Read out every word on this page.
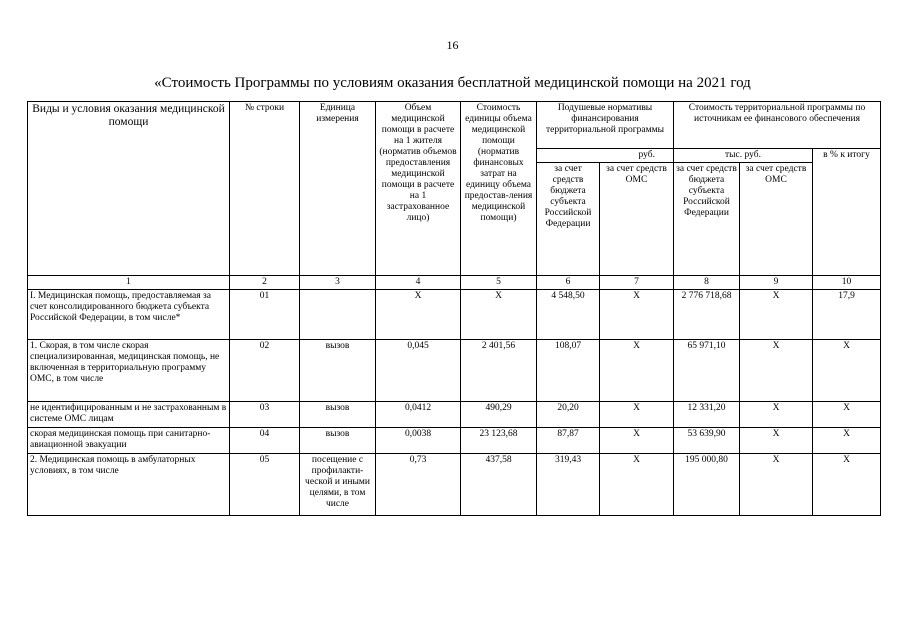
16
«Стоимость Программы по условиям оказания бесплатной медицинской помощи на 2021 год
Виды и условия оказания медицинской помощи	№ строки	Единица измерения	Объем медицинской помощи в расчете на 1 жителя (норматив объемов предоставления медицинской помощи в расчете на 1 застрахованное лицо)	Стоимость единицы объема медицинской помощи (норматив финансовых затрат на единицу объема предостав-ления медицинской помощи)	Подушевые нормативы финансирования территориальной программы		Стоимость территориальной программы по источникам ее финансового обеспечения		
					руб.		тыс. руб.		в % к итогу
					за счет средств бюджета субъекта Российской Федерации	за счет средств ОМС	за счет средств бюджета субъекта Российской Федерации	за счет средств ОМС	
1	2	3	4	5	6	7	8	9	10
I. Медицинская помощь, предоставляемая за счет консолидированного бюджета субъекта Российской Федерации, в том числе*	01		Х	Х	4 548,50	Х	2 776 718,68	Х	17,9
1. Скорая, в том числе скорая специализированная, медицинская помощь, не включенная в территориальную программу ОМС, в том числе	02	вызов	0,045	2 401,56	108,07	Х	65 971,10	Х	Х
не идентифицированным и не застрахованным в системе ОМС лицам	03	вызов	0,0412	490,29	20,20	Х	12 331,20	Х	Х
скорая медицинская помощь при санитарно-авиационной эвакуации	04	вызов	0,0038	23 123,68	87,87	Х	53 639,90	Х	Х
2. Медицинская помощь в амбулаторных условиях, в том числе	05	посещение с профилакти-ческой и иными целями, в том числе	0,73	437,58	319,43	Х	195 000,80	Х	Х
